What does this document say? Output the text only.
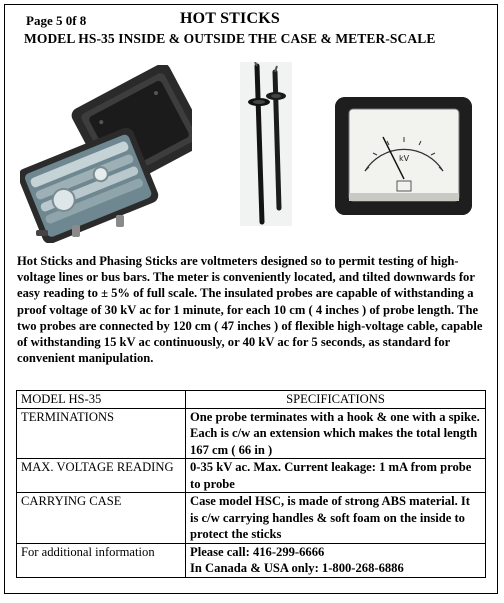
Page 5 0f 8	HOT STICKS
MODEL HS-35 INSIDE & OUTSIDE THE CASE & METER-SCALE
kV

Hot Sticks and Phasing Sticks are voltmeters designed so to permit testing of high-voltage lines or bus bars. The meter is conveniently located, and tilted downwards for easy reading to ± 5% of full scale. The insulated probes are capable of withstanding a proof voltage of 30 kV ac for 1 minute, for each 10 cm ( 4 inches ) of probe length. The two probes are connected by 120 cm ( 47 inches ) of flexible high-voltage cable, capable of withstanding 15 kV ac continuously, or 40 kV ac for 5 seconds, as standard for convenient manipulation.

MODEL HS-35	SPECIFICATIONS
TERMINATIONS	One probe terminates with a hook & one with a spike. Each is c/w an extension which makes the total length 167 cm ( 66 in )
MAX. VOLTAGE READING	0-35 kV ac. Max. Current leakage: 1 mA from probe to probe
CARRYING CASE	Case model HSC, is made of strong ABS material. It is c/w carrying handles & soft foam on the inside to protect the sticks
For additional information	Please call: 416-299-6666
In Canada & USA only: 1-800-268-6886
